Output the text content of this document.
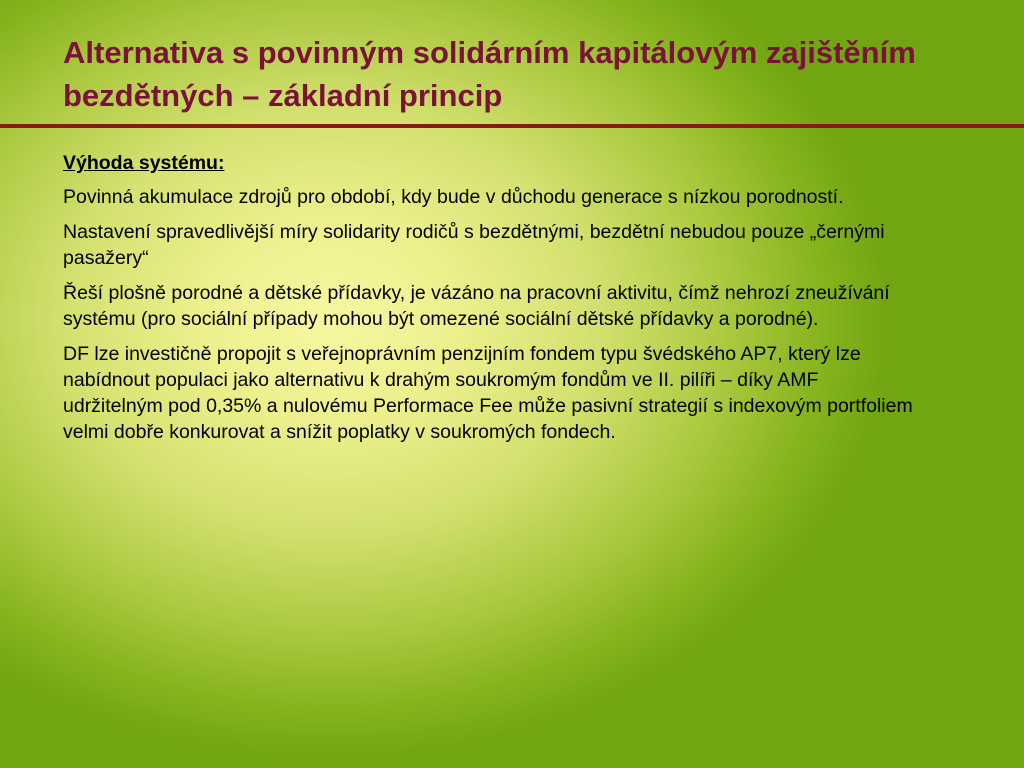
Alternativa s povinným solidárním kapitálovým zajištěním bezdětných – základní princip

Výhoda systému:

Povinná akumulace zdrojů pro období, kdy bude v důchodu generace s nízkou porodností.

Nastavení spravedlivější míry solidarity rodičů s bezdětnými, bezdětní nebudou pouze „černými pasažery“

Řeší plošně porodné a dětské přídavky, je vázáno na pracovní aktivitu, čímž nehrozí zneužívání systému (pro sociální případy mohou být omezené sociální dětské přídavky a porodné).

DF lze investičně propojit s veřejnoprávním penzijním fondem typu švédského AP7, který lze nabídnout populaci jako alternativu k drahým soukromým fondům ve II. pilíři – díky AMF udržitelným pod 0,35% a nulovému Performace Fee může pasivní strategií s indexovým portfoliem velmi dobře konkurovat a snížit poplatky v soukromých fondech.
